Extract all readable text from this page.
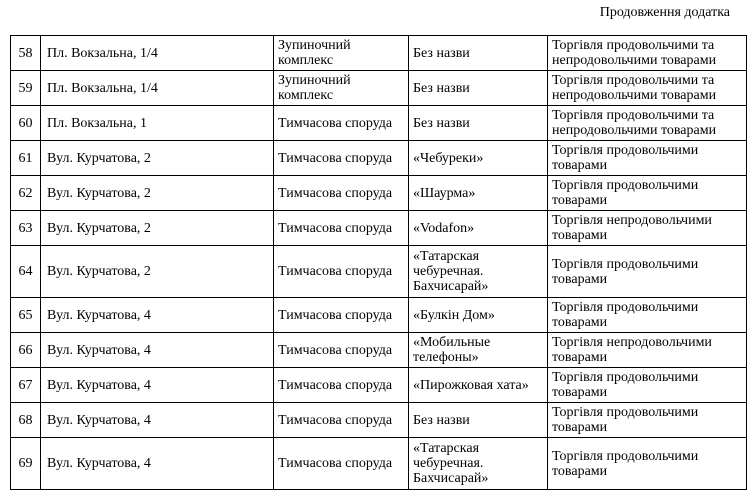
Продовження додатка
58	Пл. Вокзальна, 1/4	Зупиночний комплекс	Без назви	Торгівля продовольчими та непродовольчими товарами
59	Пл. Вокзальна, 1/4	Зупиночний комплекс	Без назви	Торгівля продовольчими та непродовольчими товарами
60	Пл. Вокзальна, 1	Тимчасова споруда	Без назви	Торгівля продовольчими та непродовольчими товарами
61	Вул. Курчатова, 2	Тимчасова споруда	«Чебуреки»	Торгівля продовольчими товарами
62	Вул. Курчатова, 2	Тимчасова споруда	«Шаурма»	Торгівля продовольчими товарами
63	Вул. Курчатова, 2	Тимчасова споруда	«Vodafon»	Торгівля непродовольчими товарами
64	Вул. Курчатова, 2	Тимчасова споруда	«Татарская чебуречная. Бахчисарай»	Торгівля продовольчими товарами
65	Вул. Курчатова, 4	Тимчасова споруда	«Булкін Дом»	Торгівля продовольчими товарами
66	Вул. Курчатова, 4	Тимчасова споруда	«Мобильные телефоны»	Торгівля непродовольчими товарами
67	Вул. Курчатова, 4	Тимчасова споруда	«Пирожковая хата»	Торгівля продовольчими товарами
68	Вул. Курчатова, 4	Тимчасова споруда	Без назви	Торгівля продовольчими товарами
69	Вул. Курчатова, 4	Тимчасова споруда	«Татарская чебуречная. Бахчисарай»	Торгівля продовольчими товарами
